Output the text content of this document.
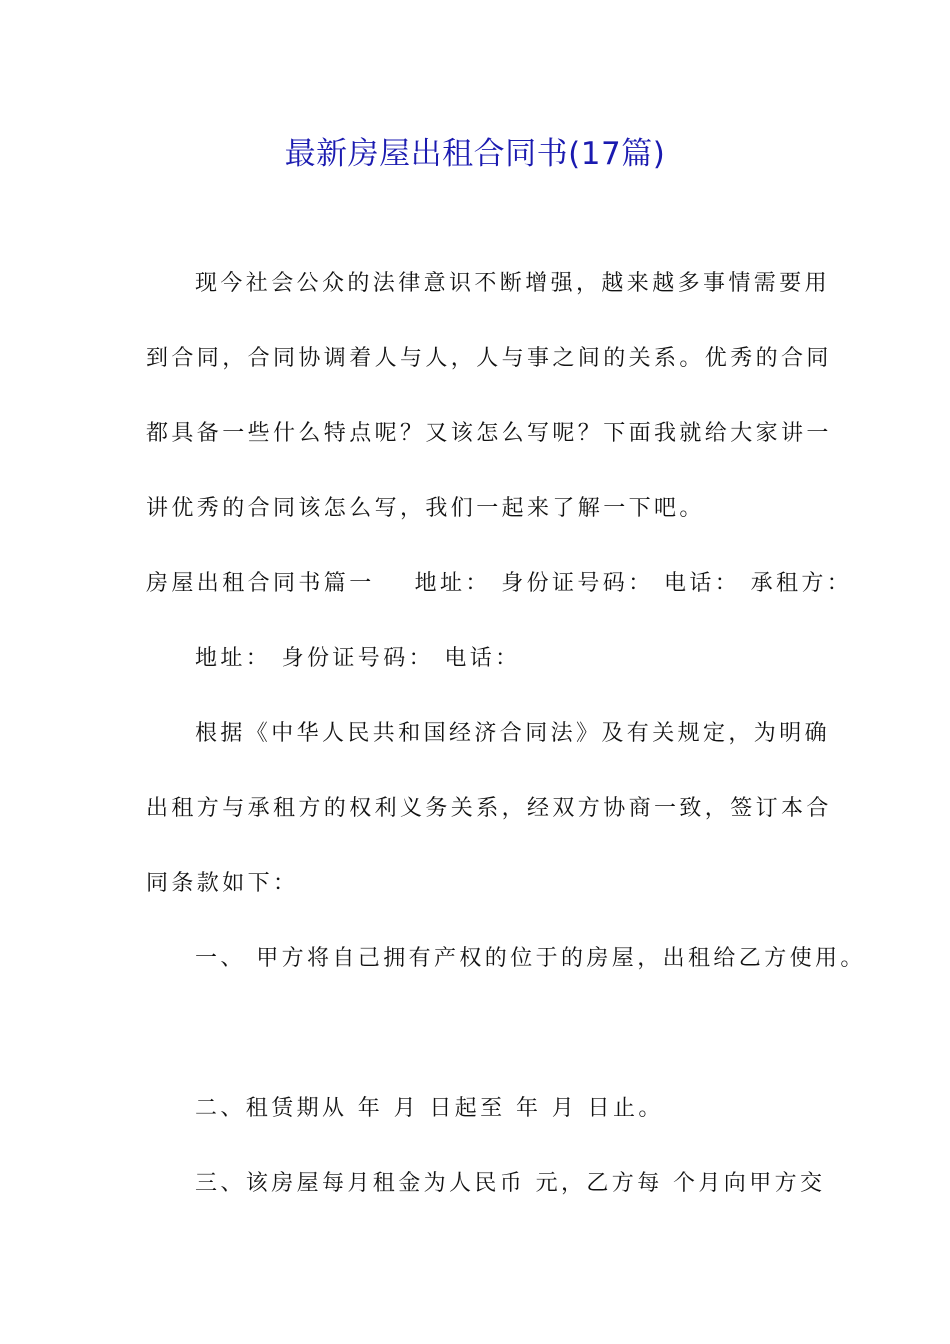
最新房屋出租合同书(17篇)
现今社会公众的法律意识不断增强，越来越多事情需要用
到合同，合同协调着人与人，人与事之间的关系。优秀的合同
都具备一些什么特点呢？又该怎么写呢？下面我就给大家讲一
讲优秀的合同该怎么写，我们一起来了解一下吧。
房屋出租合同书篇一 地址： 身份证号码： 电话： 承租方：
地址： 身份证号码： 电话：
根据《中华人民共和国经济合同法》及有关规定，为明确
出租方与承租方的权利义务关系，经双方协商一致，签订本合
同条款如下：
一、 甲方将自己拥有产权的位于的房屋，出租给乙方使用。
二、租赁期从 年 月 日起至 年 月 日止。
三、该房屋每月租金为人民币 元，乙方每 个月向甲方交
